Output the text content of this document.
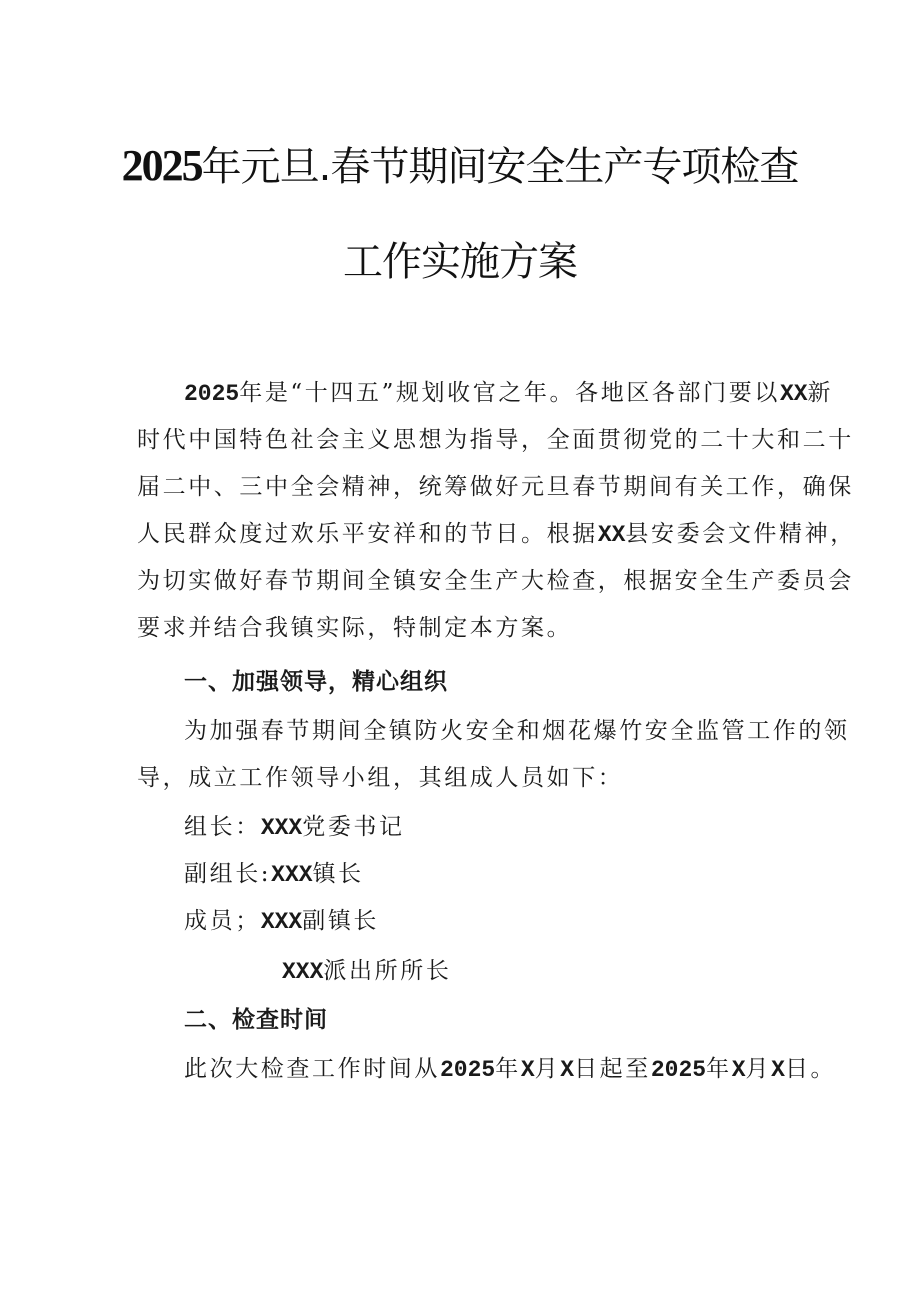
2025年元旦.春节期间安全生产专项检查
工作实施方案
2025年是“十四五”规划收官之年。各地区各部门要以XX新
时代中国特色社会主义思想为指导，全面贯彻党的二十大和二十
届二中、三中全会精神，统筹做好元旦春节期间有关工作，确保
人民群众度过欢乐平安祥和的节日。根据XX县安委会文件精神，
为切实做好春节期间全镇安全生产大检查，根据安全生产委员会
要求并结合我镇实际，特制定本方案。
一、加强领导，精心组织
为加强春节期间全镇防火安全和烟花爆竹安全监管工作的领
导，成立工作领导小组，其组成人员如下：
组长：XXX党委书记
副组长:XXX镇长
成员；XXX副镇长
XXX派出所所长
二、检查时间
此次大检查工作时间从2025年X月X日起至2025年X月X日。
